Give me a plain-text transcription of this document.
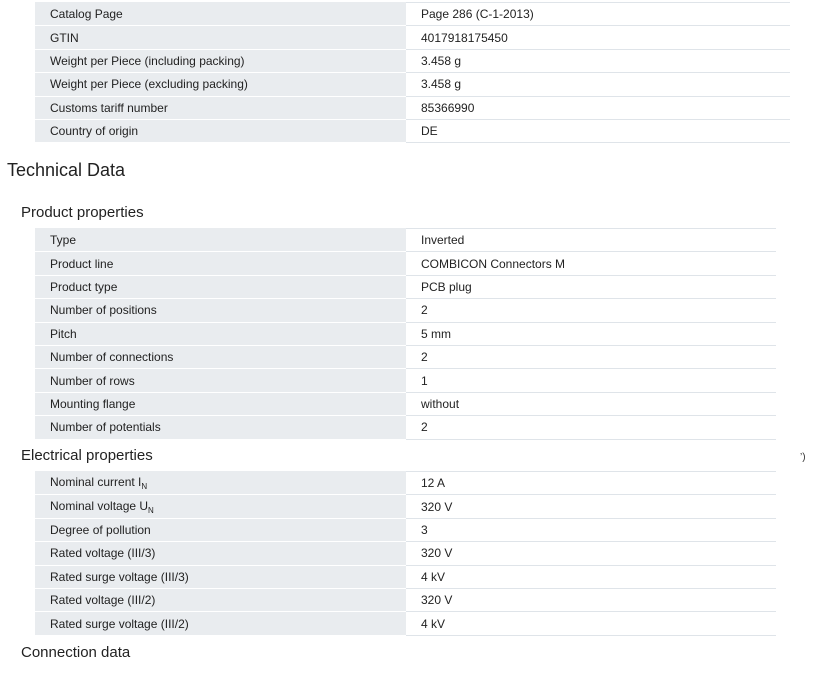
Catalog Page	Page 286 (C-1-2013)
GTIN	4017918175450
Weight per Piece (including packing)	3.458 g
Weight per Piece (excluding packing)	3.458 g
Customs tariff number	85366990
Country of origin	DE
Technical Data
Product properties
Type	Inverted
Product line	COMBICON Connectors M
Product type	PCB plug
Number of positions	2
Pitch	5 mm
Number of connections	2
Number of rows	1
Mounting flange	without
Number of potentials	2
Electrical properties	’)
Nominal current $I_N$	12 A
Nominal voltage $U_N$	320 V
Degree of pollution	3
Rated voltage (III/3)	320 V
Rated surge voltage (III/3)	4 kV
Rated voltage (III/2)	320 V
Rated surge voltage (III/2)	4 kV
Connection data
